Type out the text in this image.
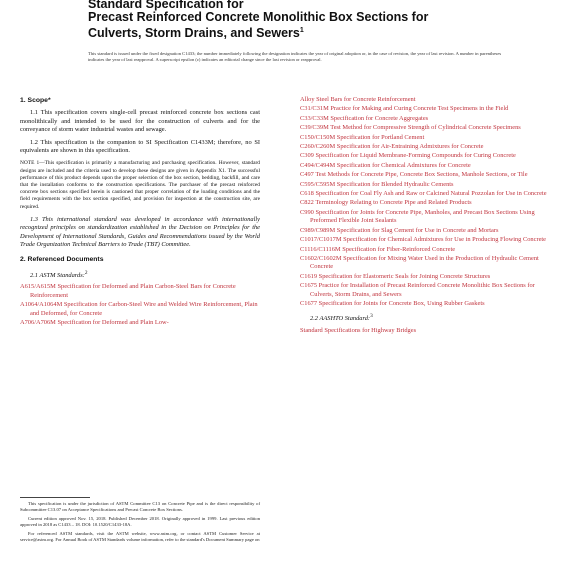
Standard Specification for
Precast Reinforced Concrete Monolithic Box Sections for
Culverts, Storm Drains, and Sewers$^1$
This standard is issued under the fixed designation C1433; the number immediately following the designation indicates the year of original adoption or, in the case of revision, the year of last revision. A number in parentheses indicates the year of last reapproval. A superscript epsilon (ε) indicates an editorial change since the last revision or reapproval.
1. Scope*

1.1 This specification covers single-cell precast reinforced concrete box sections cast monolithically and intended to be used for the construction of culverts and for the conveyance of storm water industrial wastes and sewage.

1.2 This specification is the companion to SI Specification C1433M; therefore, no SI equivalents are shown in this specification.

NOTE 1—This specification is primarily a manufacturing and purchasing specification. However, standard designs are included and the criteria used to develop these designs are given in Appendix X1. The successful performance of this product depends upon the proper selection of the box section, bedding, backfill, and care that the installation conforms to the construction specifications. The purchaser of the precast reinforced concrete box sections specified herein is cautioned that proper correlation of the loading conditions and the field requirements with the box section specified, and provision for inspection at the construction site, are required.

1.3 This international standard was developed in accordance with internationally recognized principles on standardization established in the Decision on Principles for the Development of International Standards, Guides and Recommendations issued by the World Trade Organization Technical Barriers to Trade (TBT) Committee.

2. Referenced Documents

2.1 ASTM Standards:$^2$

A615/A615M Specification for Deformed and Plain Carbon-Steel Bars for Concrete Reinforcement

A1064/A1064M Specification for Carbon-Steel Wire and Welded Wire Reinforcement, Plain and Deformed, for Concrete

A706/A706M Specification for Deformed and Plain Low-

Alloy Steel Bars for Concrete Reinforcement

C31/C31M Practice for Making and Curing Concrete Test Specimens in the Field

C33/C33M Specification for Concrete Aggregates

C39/C39M Test Method for Compressive Strength of Cylindrical Concrete Specimens

C150/C150M Specification for Portland Cement

C260/C260M Specification for Air-Entraining Admixtures for Concrete

C309 Specification for Liquid Membrane-Forming Compounds for Curing Concrete

C494/C494M Specification for Chemical Admixtures for Concrete

C497 Test Methods for Concrete Pipe, Concrete Box Sections, Manhole Sections, or Tile

C595/C595M Specification for Blended Hydraulic Cements

C618 Specification for Coal Fly Ash and Raw or Calcined Natural Pozzolan for Use in Concrete

C822 Terminology Relating to Concrete Pipe and Related Products

C990 Specification for Joints for Concrete Pipe, Manholes, and Precast Box Sections Using Preformed Flexible Joint Sealants

C989/C989M Specification for Slag Cement for Use in Concrete and Mortars

C1017/C1017M Specification for Chemical Admixtures for Use in Producing Flowing Concrete

C1116/C1116M Specification for Fiber-Reinforced Concrete

C1602/C1602M Specification for Mixing Water Used in the Production of Hydraulic Cement Concrete

C1619 Specification for Elastomeric Seals for Joining Concrete Structures

C1675 Practice for Installation of Precast Reinforced Concrete Monolithic Box Sections for Culverts, Storm Drains, and Sewers

C1677 Specification for Joints for Concrete Box, Using Rubber Gaskets

2.2 AASHTO Standard:$^3$

Standard Specifications for Highway Bridges

This specification is under the jurisdiction of ASTM Committee C13 on Concrete Pipe and is the direct responsibility of Subcommittee C13.07 on Acceptance Specifications and Precast Concrete Box Sections.

Current edition approved Nov. 15, 2018. Published December 2018. Originally approved in 1999. Last previous edition approved in 2018 as C1433 – 18. DOI: 10.1520/C1433-18A.

For referenced ASTM standards, visit the ASTM website, www.astm.org, or contact ASTM Customer Service at service@astm.org. For Annual Book of ASTM Standards volume information, refer to the standard's Document Summary page on
